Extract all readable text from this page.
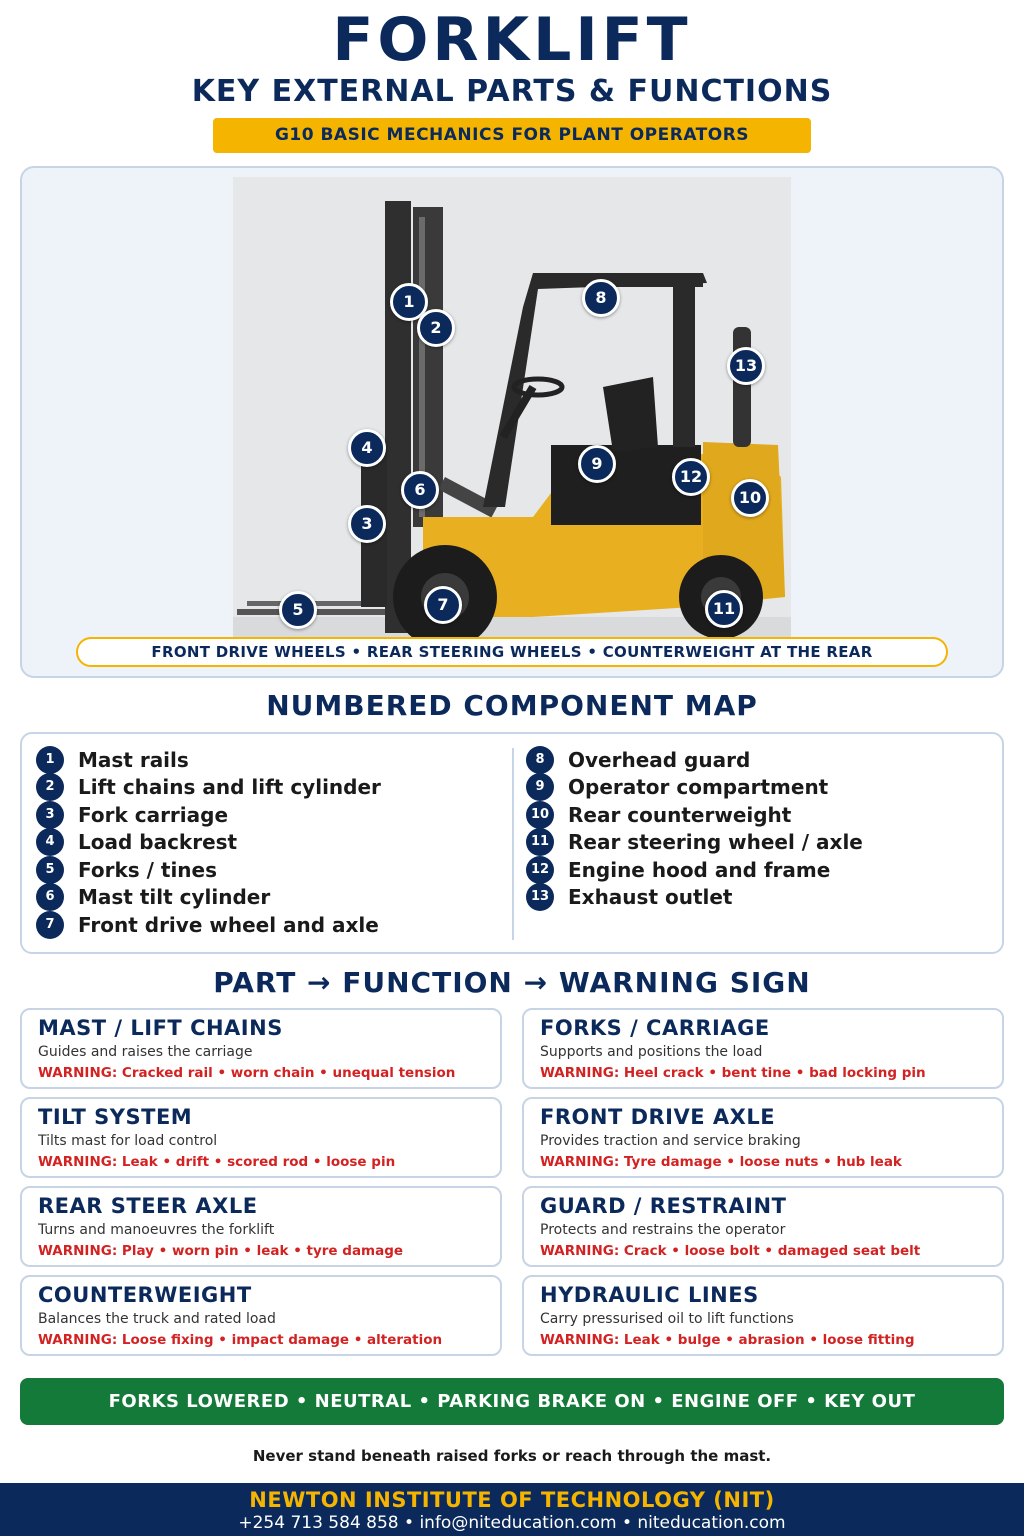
FORKLIFT
KEY EXTERNAL PARTS & FUNCTIONS
G10 BASIC MECHANICS FOR PLANT OPERATORS
1
2
3
4
5
6
7
8
9
10
11
12
13
FRONT DRIVE WHEELS • REAR STEERING WHEELS • COUNTERWEIGHT AT THE REAR
NUMBERED COMPONENT MAP
1	Mast rails
2	Lift chains and lift cylinder
3	Fork carriage
4	Load backrest
5	Forks / tines
6	Mast tilt cylinder
7	Front drive wheel and axle
8	Overhead guard
9	Operator compartment
10 Rear counterweight
11 Rear steering wheel / axle
12 Engine hood and frame
13 Exhaust outlet
PART → FUNCTION → WARNING SIGN
MAST / LIFT CHAINS
Guides and raises the carriage
WARNING: Cracked rail • worn chain • unequal tension
FORKS / CARRIAGE
Supports and positions the load
WARNING: Heel crack • bent tine • bad locking pin
TILT SYSTEM
Tilts mast for load control
WARNING: Leak • drift • scored rod • loose pin
FRONT DRIVE AXLE
Provides traction and service braking
WARNING: Tyre damage • loose nuts • hub leak
REAR STEER AXLE
Turns and manoeuvres the forklift
WARNING: Play • worn pin • leak • tyre damage
GUARD / RESTRAINT
Protects and restrains the operator
WARNING: Crack • loose bolt • damaged seat belt
COUNTERWEIGHT
Balances the truck and rated load
WARNING: Loose fixing • impact damage • alteration
HYDRAULIC LINES
Carry pressurised oil to lift functions
WARNING: Leak • bulge • abrasion • loose fitting
FORKS LOWERED • NEUTRAL • PARKING BRAKE ON • ENGINE OFF • KEY OUT
Never stand beneath raised forks or reach through the mast.
NEWTON INSTITUTE OF TECHNOLOGY (NIT)
+254 713 584 858 • info@niteducation.com • niteducation.com
